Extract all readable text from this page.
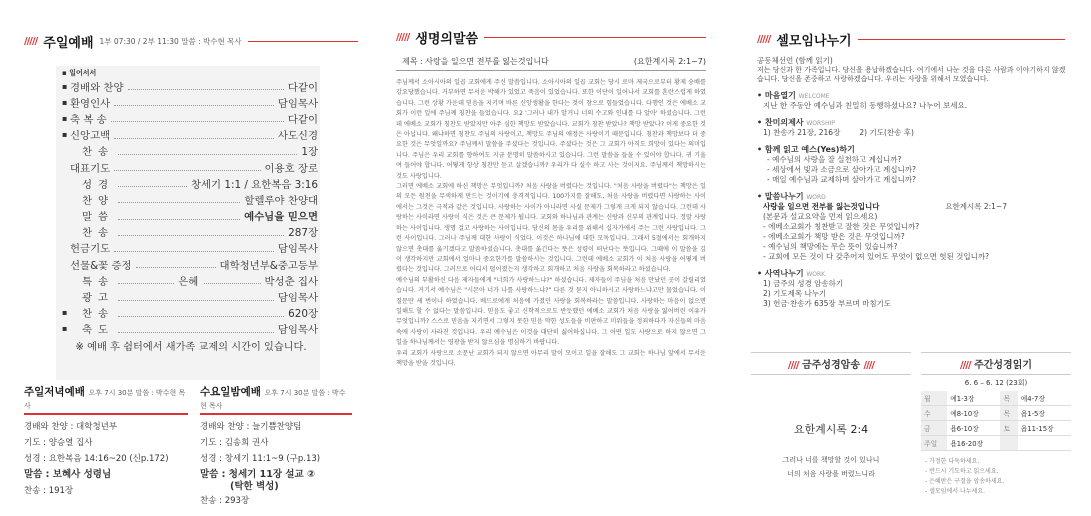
///// 주일예배 1부 07:30 / 2부 11:30 말씀 : 박수현 목사
▪ 일어서서
▪ 경배와 찬양	다같이
▪ 환영인사	담임목사
▪ 축 복 송	다같이
▪ 신앙고백	사도신경
찬송	1장
대표기도	이용호 장로
성경	창세기 1:1 / 요한복음 3:16
찬양	할렐루야 찬양대
말씀	예수님을 믿으면
찬송	287장
헌금기도	담임목사
선물&꽃 증정	대학청년부&중고등부
특송	은혜	박성춘 집사
광고	담임목사
▪	찬송	620장
▪	축도	담임목사
※ 예배 후 쉼터에서 새가족 교제의 시간이 있습니다.
주일저녁예배 오후 7시 30분 말씀 : 박수현 목사
경배와 찬양 : 대학청년부
기도 : 양승열 집사
성경 : 요한복음 14:16~20 (신p.172)
말씀 : 보혜사 성령님
찬송 : 191장
수요일밤예배 오후 7시 30분 말씀 : 박수현 목사
경배와 찬양 : 늘기쁨찬양팀
기도 : 김송희 권사
성경 : 창세기 11:1~9 (구p.13)
말씀 : 청세기 11장 설교 ②
(탁한 벽성)
찬송 : 293장
///// 생명의말씀
제목 : 사랑을 일으면 전부를 잃는것입니다	(요한계시록 2:1~7)

주님께서 소아시아의 일곱 교회에게 주신 말씀입니다. 소아시아의 일곱 교회는 당시 로마 제국으로부터 황제 숭배를 강요당했습니다. 거부하면 무서운 박해가 있었고 죽음이 있었습니다. 또한 이단이 일어나서 교회를 혼란스럽게 하였습니다. 그런 상황 가운데 믿음을 지키며 바른 신앙생활을 한다는 것이 참으로 힘들었습니다. 다행인 것은 에베소 교회가 이런 일에 주님께 칭찬을 들었습니다. 요2 '그러나 내가 알거니 너의 수고와 인내를 다 알아' 하셨습니다. 그런데 에베소 교회가 칭찬도 받았지만 아주 심한 책망도 받았습니다. 교회가 칭찬 받았나? 책망 받았나? 이게 중요한 것은 아닙니다. 왜냐하면 칭찬도 주님의 사랑이고, 책망도 주님의 애정은 사랑이기 때문입니다. 칭찬과 책망보다 더 중요한 것은 무엇일까요? 주님께서 말씀을 주셨다는 것입니다. 주셨다는 것은 그 교회가 아직도 희망이 있다는 의미입니다. 주님은 우리 교회를 향하여도 지금 분명히 말씀하시고 있습니다. 그런 말씀을 들을 수 있어야 합니다. 귀 기울여 들어야 합니다. 어떻게 항상 칭찬만 듣고 살겠습니까? 우리가 다 실수 하고 사는 것이지요. 주님께서 책망하시는 것도 사랑입니다.

그러면 에베소 교회에 하신 책망은 무엇입니까? 처음 사랑을 버렸다는 것입니다. "처음 사랑을 버렸다"는 책망은 일의 모든 원천을 무색하게 만드는 것이기에 충격적입니다. 100가지를 잘해도, 처음 사랑을 버렸다면 사랑하는 사이에서는 그것은 극적과 같은 것입니다. 사랑하는 사이가 아니라면 사실 문제가 그렇게 크게 되지 않습니다. 그런데 사랑하는 사이라면 사랑이 식은 것은 큰 문제가 됩니다. 교회와 하나님과 관계는 신랑과 신부의 관계입니다. 정말 사랑하는 사이입니다. 생명 걸고 사랑하는 사이입니다. 당신의 몸을 우리를 위해서 십자가에서 주는 그런 사랑입니다. 그런 사이입니다. 그러나 주님께 대한 사랑이 식었다. 이것은 하나님에 대한 모독입니다. 그래서 5절에서는 회개하지 않으면 촛대를 옮기겠다고 말씀하셨습니다. 촛대를 옮긴다는 뜻은 성령이 떠난다는 뜻입니다. 그때에 이 말씀을 깊이 생각하지만 교회에서 얼마나 중요한가를 말씀하시는 것입니다. 그런데 에베소 교회가 이 처음 사랑을 어떻게 버렸다는 것입니다. 그러므로 어디서 떨어졌는지 생각하고 회개하고 처음 사랑을 회복하라고 하셨습니다.

예수님의 부활하신 다음 제자들에게 "너희가 사랑하느냐?" 하셨습니다. 제자들이 주님을 처음 만났던 곳이 갈릴리였습니다. 거기서 예수님은 "시몬아 너가 나를 사랑하느냐?" 다른 것 묻지 아니하시고 사랑하느냐고만 물었습니다. 이 질문만 세 번이나 하였습니다. 베드로에게 처음에 가졌던 사랑을 회복하라는 말씀입니다. 사랑하는 마음이 없으면 일해도 할 수 없다는 말씀입니다. 믿음도 좋고 신학적으로도 반듯했던 에베소 교회가 처음 사랑을 잃어버린 이유가 무엇입니까? 스스로 믿음을 지키면서 그렇지 못한 믿음 약한 성도들을 비판하고 미워들을 정죄하다가 자신들의 마음속에 사랑이 사라진 것입니다. 우리 예수님은 이것을 대단히 싫어하십니다. 그 어떤 일도 사랑으로 하지 않으면 그 일을 하나님께서는 영광을 받지 않으심을 명심하기 바랍니다.

우리 교회가 사랑으로 소문난 교회가 되지 않으면 아무리 말이 모이고 일을 잘해도 그 교회는 하나님 앞에서 무서운 책망을 받을 것입니다.

///// 셀모임나누기
공동체선언 (함께 읽기)
저는 당신과 한 가족입니다. 당신을 용납하겠습니다. 여기에서 나눈 것을 다른 사람과 이야기하지 않겠습니다. 당신을 존중하고 사랑하겠습니다. 우리는 사랑을 위해서 모였습니다.
• 마음열기 WELCOME
지난 한 주동안 예수님과 친밀히 동행하셨나요? 나누어 보세요.
• 찬미의제사 WORSHIP
1) 찬송가 21장, 216장        2) 기도(찬송 후)
• 함께 읽고 예스(Yes)하기
- 예수님의 사랑을 잘 실천하고 계십니까?
- 세상에서 빛과 소금으로 살아가고 계십니까?
- 매일 예수님과 교제하며 살아가고 계십니까?
• 말씀나누기 WORD
사랑을 일으면 전부를 잃는것입니다	요한계시록 2:1~7
(본문과 설교요약을 먼저 읽으세요)
- 에베소교회가 칭찬받고 잘한 것은 무엇입니까?
- 에베소교회가 책망 받은 것은 무엇입니까?
- 예수님의 책망에는 무슨 뜻이 있습니까?
- 교회에 모든 것이 다 갖추어져 있어도 무엇이 없으면 헛된 것입니까?
• 사역나누기 WORK
1) 금주의 성경 암송하기
2) 기도제목 나누기
3) 헌금·찬송가 635장 부르며 마침기도
//// 금주성경암송 ////
요한계시록 2:4
그러나 너를 책망할 것이 있나니
너의 처음 사랑을 버렸느니라
//// 주간성경읽기
6. 6 – 6. 12 (23회)
월	예1-3장	목	예4-7장
수	예8-10장	목	욥1-5장
금	욥6-10장	토	욥11-15장
주일	욥16-20장		
- 가정한 다독하세요.
- 반드시 기도하고 읽으세요.
- 은혜받은 구절을 암송하세요.
- 셀모임에서 나누세요.
